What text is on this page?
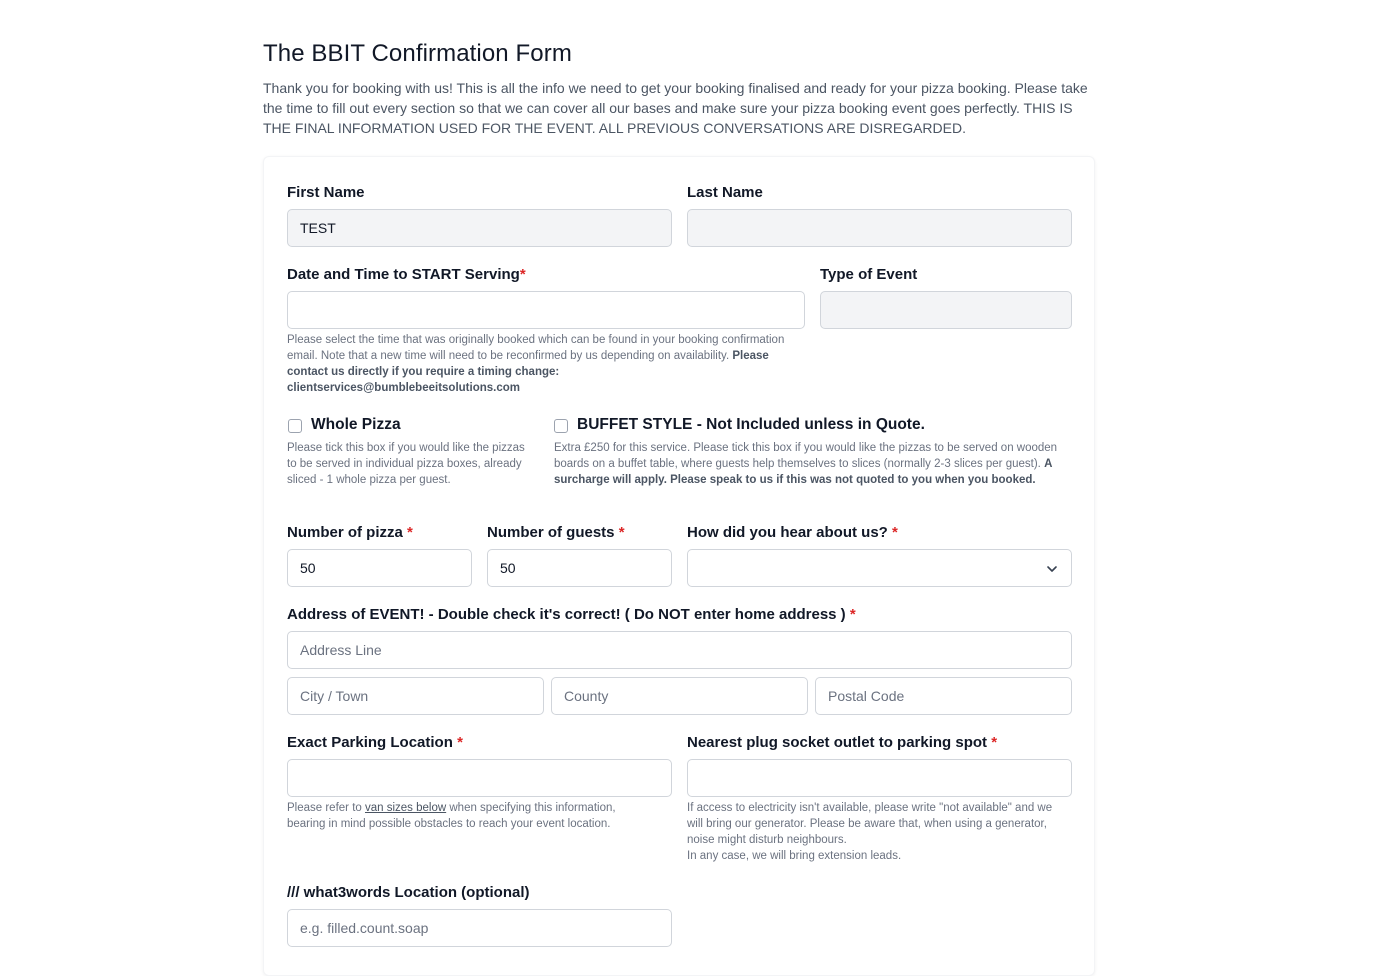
The BBIT Confirmation Form

Thank you for booking with us! This is all the info we need to get your booking finalised and ready for your pizza booking. Please take the time to fill out every section so that we can cover all our bases and make sure your pizza booking event goes perfectly. THIS IS THE FINAL INFORMATION USED FOR THE EVENT. ALL PREVIOUS CONVERSATIONS ARE DISREGARDED.

First Name
TEST
Last Name
Date and Time to START Serving*
Please select the time that was originally booked which can be found in your booking confirmation email. Note that a new time will need to be reconfirmed by us depending on availability. Please contact us directly if you require a timing change: clientservices@bumblebeeitsolutions.com
Type of Event
Whole Pizza
Please tick this box if you would like the pizzas to be served in individual pizza boxes, already sliced - 1 whole pizza per guest.
BUFFET STYLE - Not Included unless in Quote.
Extra £250 for this service. Please tick this box if you would like the pizzas to be served on wooden boards on a buffet table, where guests help themselves to slices (normally 2-3 slices per guest). A surcharge will apply. Please speak to us if this was not quoted to you when you booked.
Number of pizza *
50
Number of guests *
50
How did you hear about us? *
Address of EVENT! - Double check it's correct! ( Do NOT enter home address ) *
Address Line
City / Town	County	Postal Code
Exact Parking Location *
Please refer to van sizes below when specifying this information, bearing in mind possible obstacles to reach your event location.
Nearest plug socket outlet to parking spot *
If access to electricity isn't available, please write "not available" and we will bring our generator. Please be aware that, when using a generator, noise might disturb neighbours.
In any case, we will bring extension leads.
/// what3words Location (optional)
e.g. filled.count.soap
